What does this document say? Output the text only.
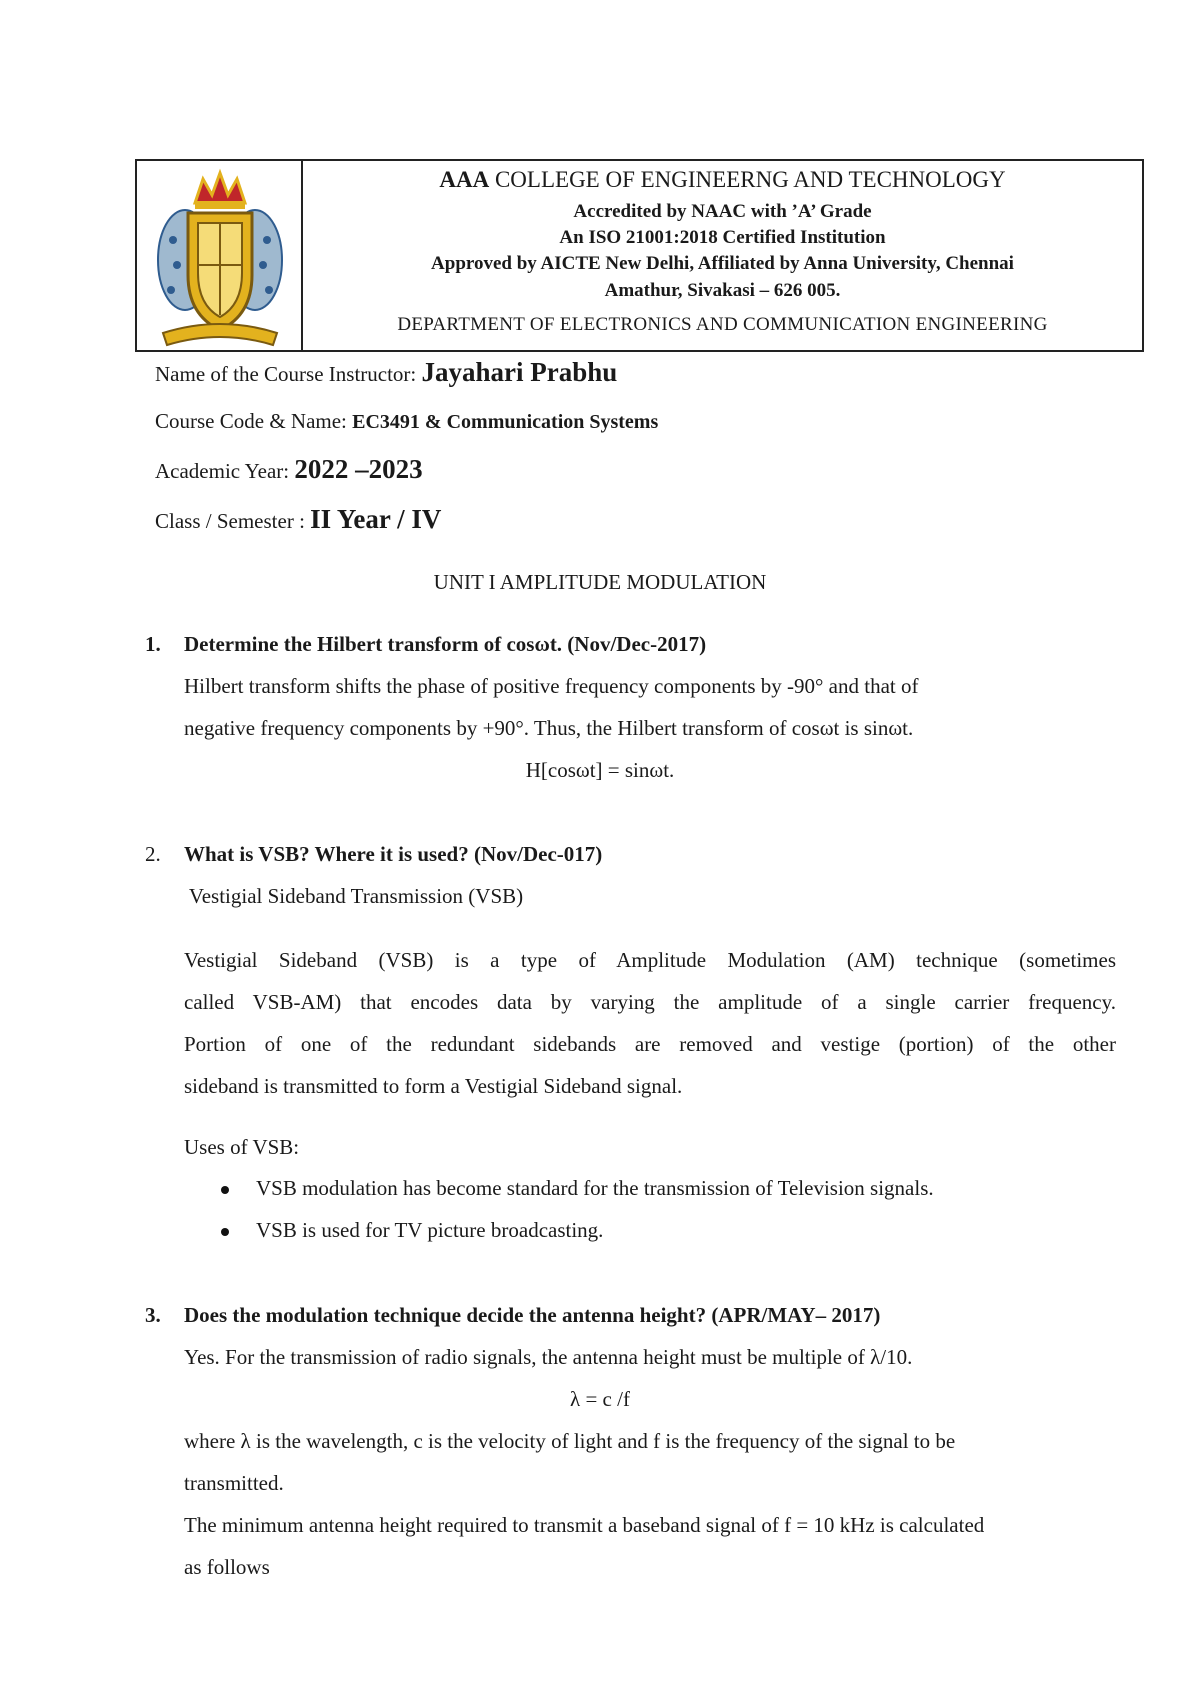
AAA COLLEGE OF ENGINEERNG AND TECHNOLOGY
Accredited by NAAC with ’A’ Grade
An ISO 21001:2018 Certified Institution
Approved by AICTE New Delhi, Affiliated by Anna University, Chennai
Amathur, Sivakasi – 626 005.
DEPARTMENT OF ELECTRONICS AND COMMUNICATION ENGINEERING
Name of the Course Instructor: Jayahari Prabhu
Course Code & Name: EC3491 & Communication Systems
Academic Year: 2022 –2023
Class / Semester : II Year / IV
UNIT I AMPLITUDE MODULATION
1. Determine the Hilbert transform of cosωt. (Nov/Dec-2017)
Hilbert transform shifts the phase of positive frequency components by -90° and that of
negative frequency components by +90°. Thus, the Hilbert transform of cosωt is sinωt.
H[cosωt] = sinωt.
2. What is VSB? Where it is used? (Nov/Dec-017)
Vestigial Sideband Transmission (VSB)
Vestigial Sideband (VSB) is a type of Amplitude Modulation (AM) technique (sometimes
called VSB-AM) that encodes data by varying the amplitude of a single carrier frequency.
Portion of one of the redundant sidebands are removed and vestige (portion) of the other
sideband is transmitted to form a Vestigial Sideband signal.
Uses of VSB:
VSB modulation has become standard for the transmission of Television signals.
VSB is used for TV picture broadcasting.
3. Does the modulation technique decide the antenna height? (APR/MAY– 2017)
Yes. For the transmission of radio signals, the antenna height must be multiple of λ/10.
λ = c /f
where λ is the wavelength, c is the velocity of light and f is the frequency of the signal to be
transmitted.
The minimum antenna height required to transmit a baseband signal of f = 10 kHz is calculated
as follows
